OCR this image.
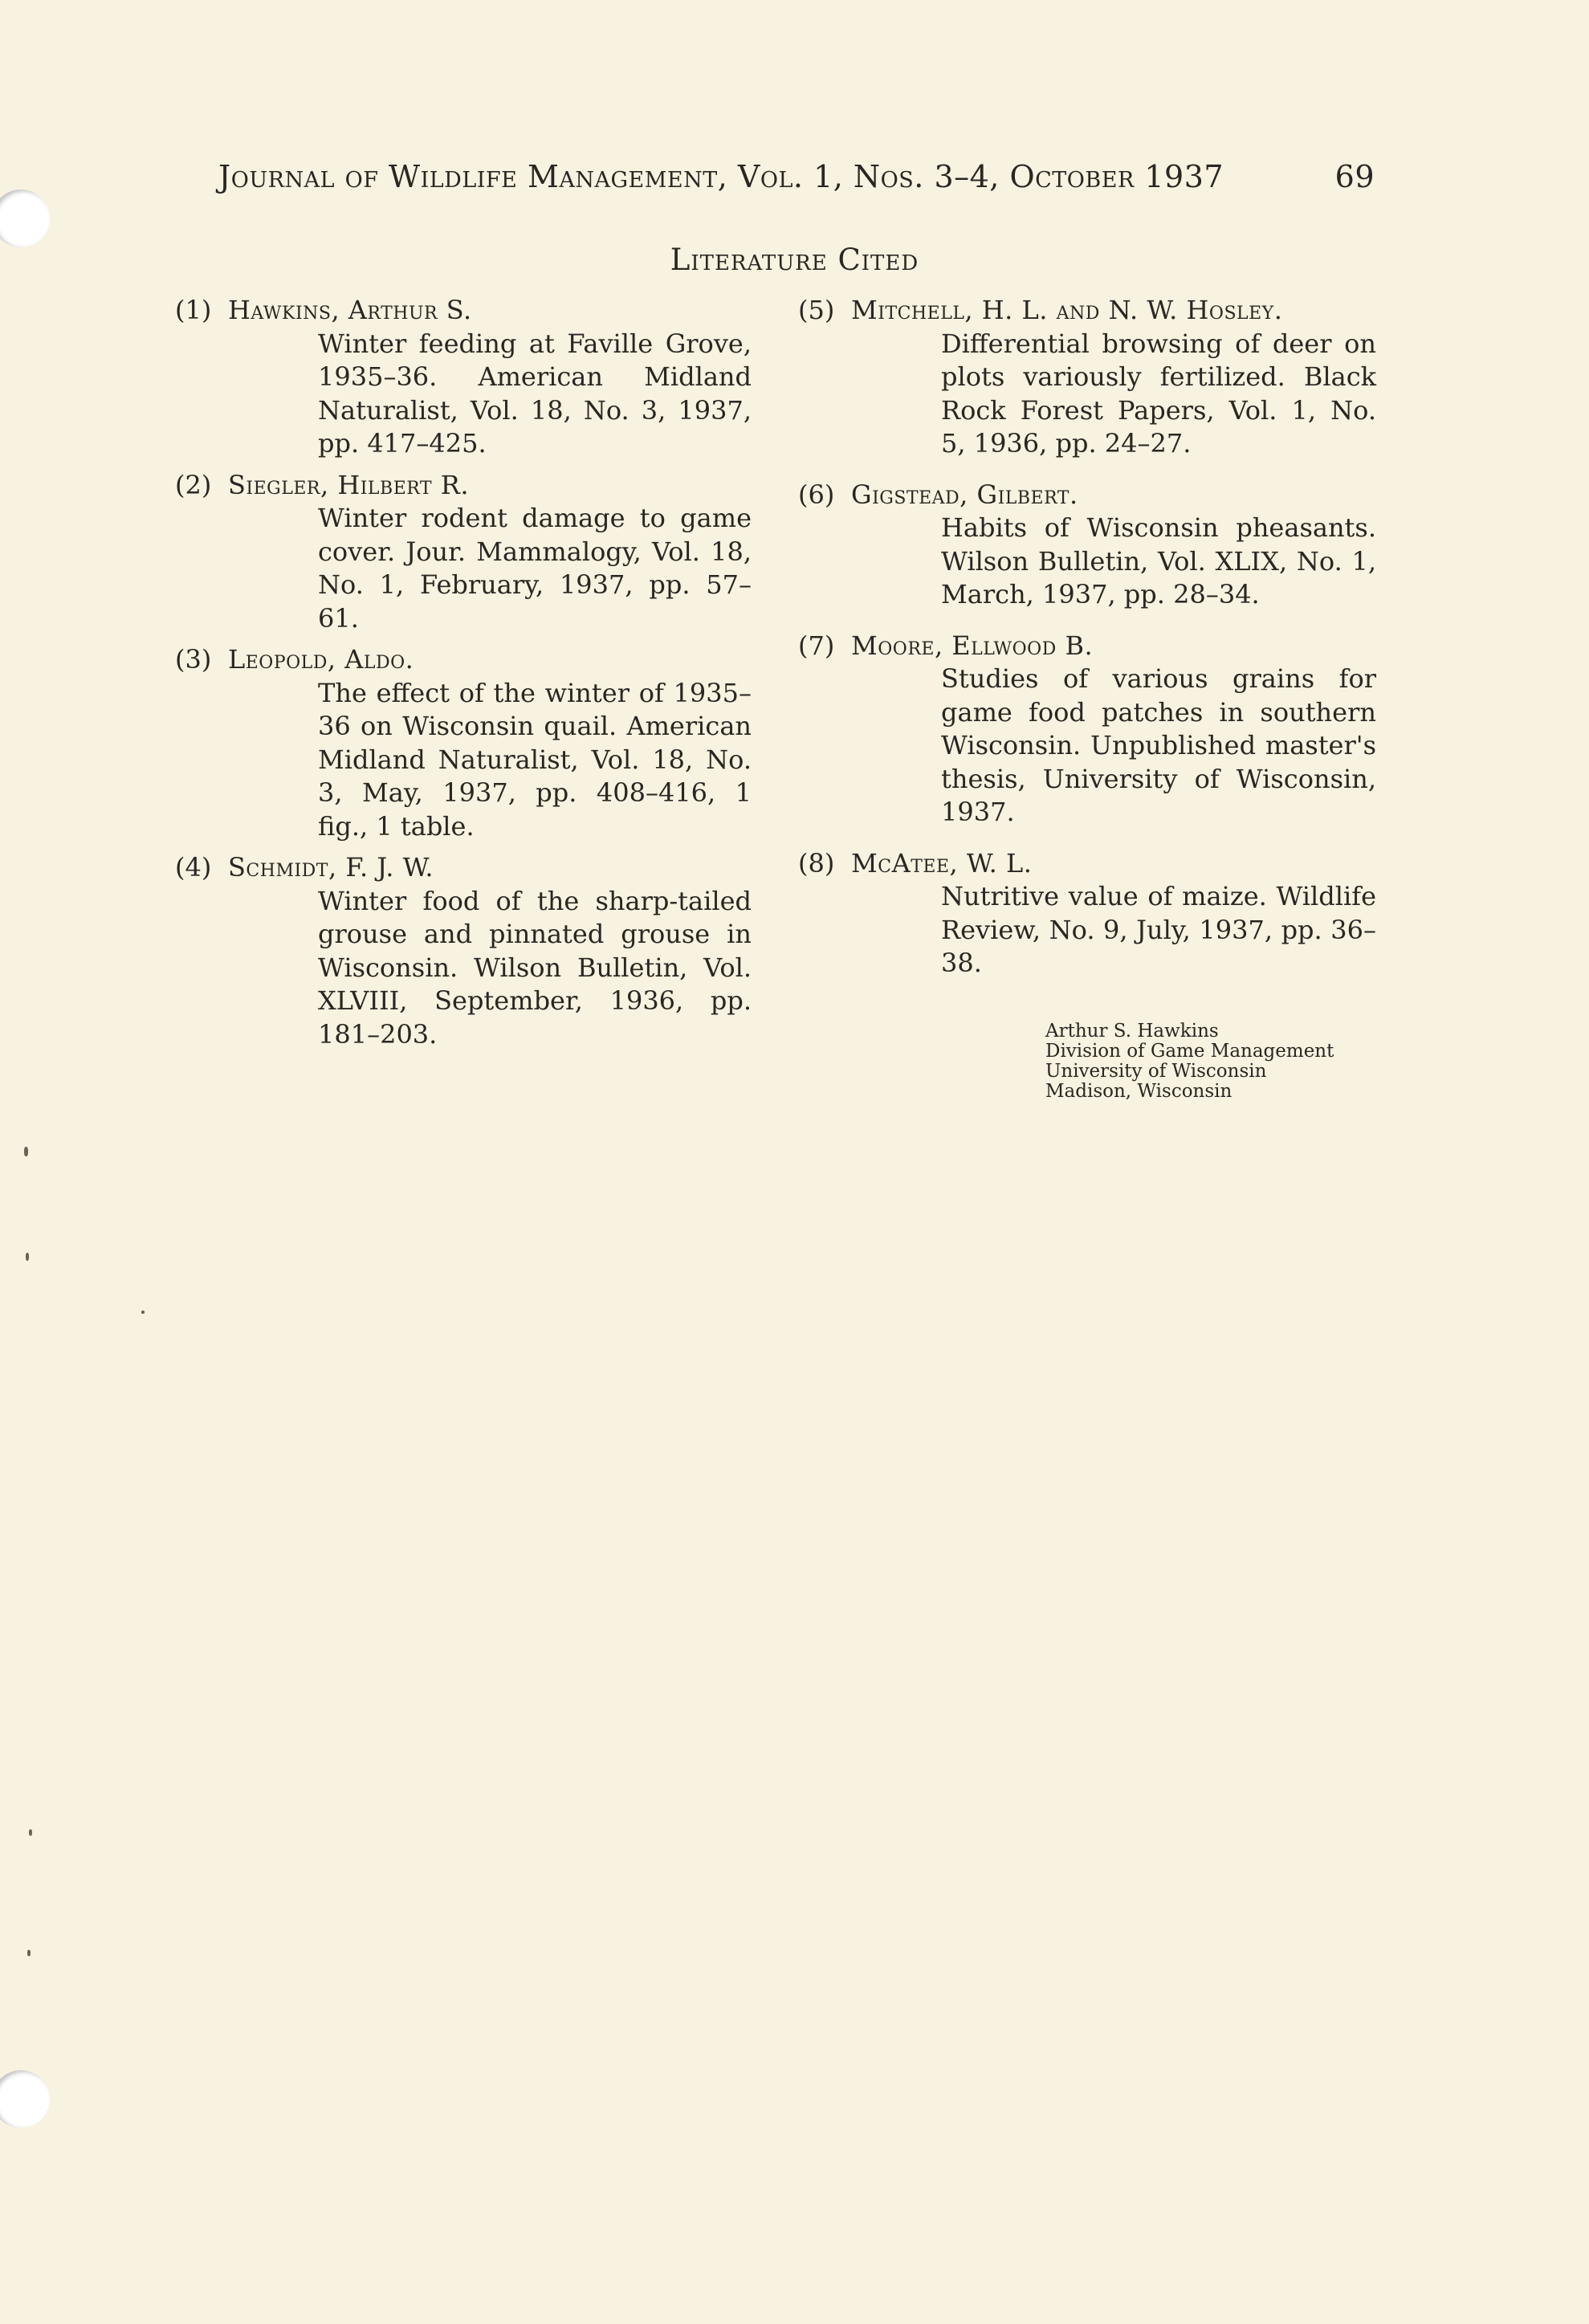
Journal of Wildlife Management, Vol. 1, Nos. 3–4, October 1937	69
Literature Cited
(1) Hawkins, Arthur S.
Winter feeding at Faville Grove, 1935–36. American Midland Naturalist, Vol. 18, No. 3, 1937, pp. 417–425.
(2) Siegler, Hilbert R.
Winter rodent damage to game cover. Jour. Mammalogy, Vol. 18, No. 1, February, 1937, pp. 57–61.
(3) Leopold, Aldo.
The effect of the winter of 1935–36 on Wisconsin quail. American Midland Naturalist, Vol. 18, No. 3, May, 1937, pp. 408–416, 1 fig., 1 table.
(4) Schmidt, F. J. W.
Winter food of the sharp-tailed grouse and pinnated grouse in Wisconsin. Wilson Bulletin, Vol. XLVIII, September, 1936, pp. 181–203.
(5) Mitchell, H. L. and N. W. Hosley.
Differential browsing of deer on plots variously fertilized. Black Rock Forest Papers, Vol. 1, No. 5, 1936, pp. 24–27.
(6) Gigstead, Gilbert.
Habits of Wisconsin pheasants. Wilson Bulletin, Vol. XLIX, No. 1, March, 1937, pp. 28–34.
(7) Moore, Ellwood B.
Studies of various grains for game food patches in southern Wisconsin. Unpublished master's thesis, University of Wisconsin, 1937.
(8) McAtee, W. L.
Nutritive value of maize. Wildlife Review, No. 9, July, 1937, pp. 36–38.
Arthur S. Hawkins
Division of Game Management
University of Wisconsin
Madison, Wisconsin
